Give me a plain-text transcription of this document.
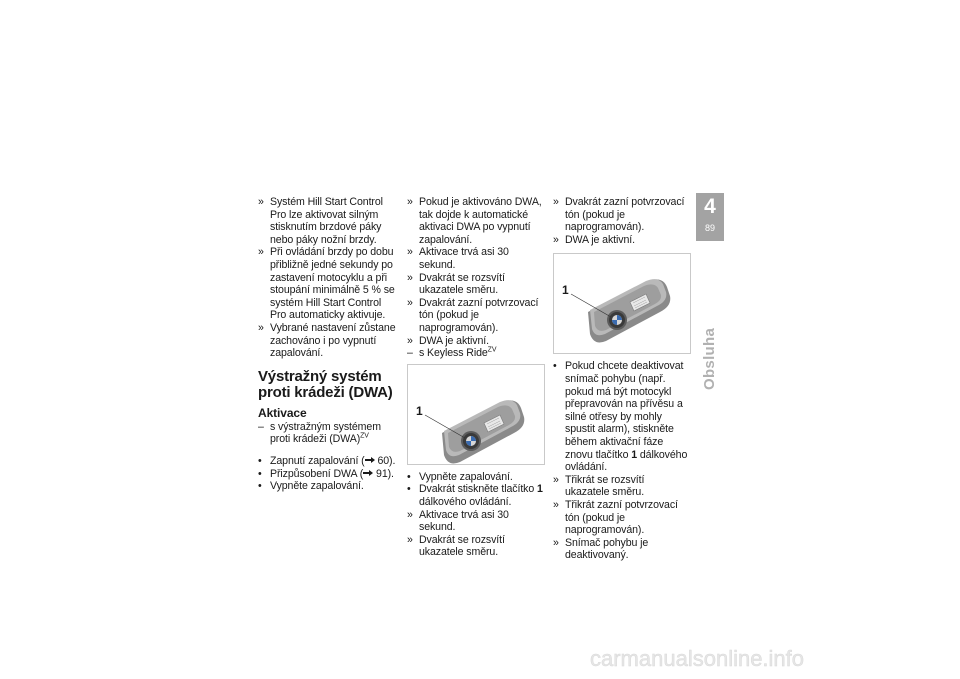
» Systém Hill Start Control Pro lze aktivovat silným stisknutím brzdové páky nebo páky nožní brzdy.
» Při ovládání brzdy po dobu přibližně jedné sekundy po zastavení motocyklu a při stoupání minimálně 5 % se systém Hill Start Control Pro automaticky aktivuje.
» Vybrané nastavení zůstane zachováno i po vypnutí zapalování.
Výstražný systém proti krádeži (DWA)
Aktivace
– s výstražným systémem proti krádeži (DWA)$^{ZV}$
• Zapnutí zapalování ( 60).
• Přizpůsobení DWA ( 91).
• Vypněte zapalování.
» Pokud je aktivováno DWA, tak dojde k automatické aktivaci DWA po vypnutí zapalování.
» Aktivace trvá asi 30 sekund.
» Dvakrát se rozsvítí ukazatele směru.
» Dvakrát zazní potvrzovací tón (pokud je naprogramován).
» DWA je aktivní.
– s Keyless Ride$^{ZV}$
1
• Vypněte zapalování.
• Dvakrát stiskněte tlačítko 1 dálkového ovládání.
» Aktivace trvá asi 30 sekund.
» Dvakrát se rozsvítí ukazatele směru.
» Dvakrát zazní potvrzovací tón (pokud je naprogramován).
» DWA je aktivní.
1
• Pokud chcete deaktivovat snímač pohybu (např. pokud má být motocykl přepravován na přívěsu a silné otřesy by mohly spustit alarm), stiskněte během aktivační fáze znovu tlačítko 1 dálkového ovládání.
» Třikrát se rozsvítí ukazatele směru.
» Třikrát zazní potvrzovací tón (pokud je naprogramován).
» Snímač pohybu je deaktivovaný.
4
89
Obsluha
carmanualsonline.info
